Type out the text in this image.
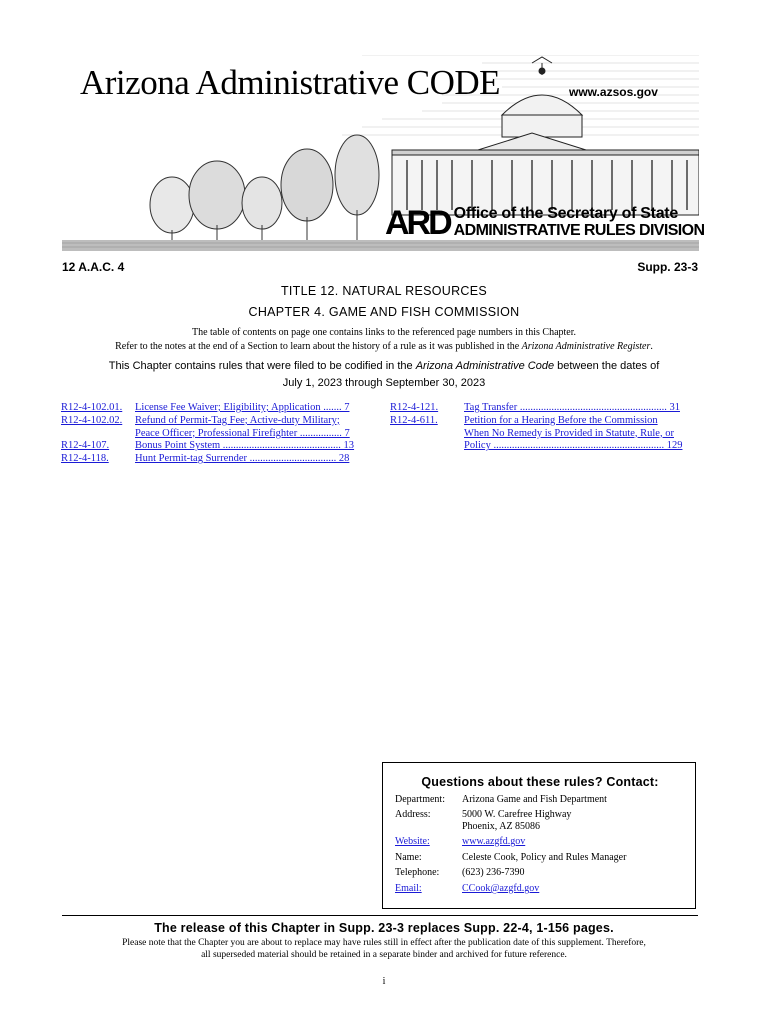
Arizona Administrative CODE	www.azsos.gov
ARD Office of the Secretary of State
ADMINISTRATIVE RULES DIVISION
12 A.A.C. 4	Supp. 23-3
TITLE 12. NATURAL RESOURCES
CHAPTER 4. GAME AND FISH COMMISSION
The table of contents on page one contains links to the referenced page numbers in this Chapter.
Refer to the notes at the end of a Section to learn about the history of a rule as it was published in the Arizona Administrative Register.
This Chapter contains rules that were filed to be codified in the Arizona Administrative Code between the dates of
July 1, 2023 through September 30, 2023
R12-4-102.01.	License Fee Waiver; Eligibility; Application ....... 7
R12-4-102.02.	Refund of Permit-Tag Fee; Active-duty Military;
Peace Officer; Professional Firefighter ................ 7
R12-4-107.	Bonus Point System ............................................. 13
R12-4-118.	Hunt Permit-tag Surrender ................................. 28
R12-4-121.	Tag Transfer ........................................................ 31
R12-4-611.	Petition for a Hearing Before the Commission
When No Remedy is Provided in Statute, Rule, or
Policy ................................................................. 129
Questions about these rules? Contact:
Department:	Arizona Game and Fish Department
Address:	5000 W. Carefree Highway
Phoenix, AZ 85086
Website:	www.azgfd.gov
Name:	Celeste Cook, Policy and Rules Manager
Telephone:	(623) 236-7390
Email:	CCook@azgfd.gov
The release of this Chapter in Supp. 23-3 replaces Supp. 22-4, 1-156 pages.
Please note that the Chapter you are about to replace may have rules still in effect after the publication date of this supplement. Therefore,
all superseded material should be retained in a separate binder and archived for future reference.
i
